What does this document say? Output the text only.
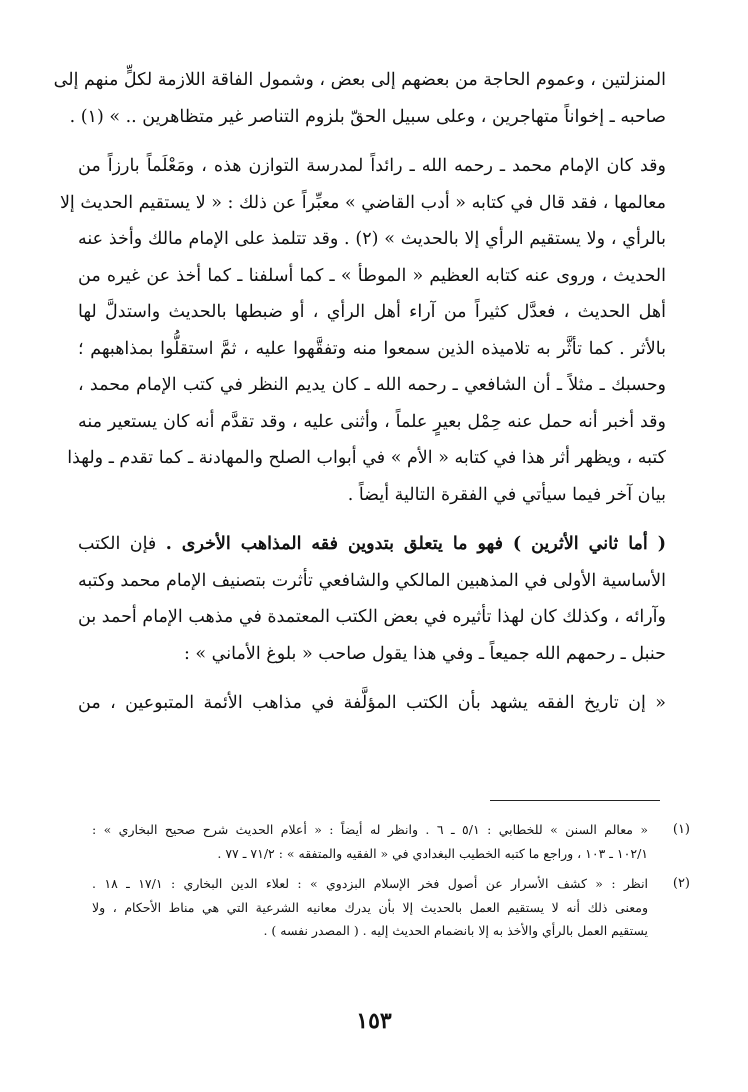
المنزلتين ، وعموم الحاجة من بعضهم إلى بعض ، وشمول الفاقة اللازمة لكلٍّ منهم إلى
صاحبه ـ إخواناً متهاجرين ، وعلى سبيل الحقّ بلزوم التناصر غير متظاهرين .. » (١) .
وقد كان الإمام محمد ـ رحمه الله ـ رائداً لمدرسة التوازن هذه ، ومَعْلَماً بارزاً من
معالمها ، فقد قال في كتابه « أدب القاضي » معبِّراً عن ذلك : « لا يستقيم الحديث إلا
بالرأي ، ولا يستقيم الرأي إلا بالحديث » (٢) . وقد تتلمذ على الإمام مالك وأخذ عنه
الحديث ، وروى عنه كتابه العظيم « الموطأ » ـ كما أسلفنا ـ كما أخذ عن غيره من
أهل الحديث ، فعدَّل كثيراً من آراء أهل الرأي ، أو ضبطها بالحديث واستدلَّ لها
بالأثر . كما تأثَّر به تلاميذه الذين سمعوا منه وتفقَّهوا عليه ، ثمَّ استقلُّوا بمذاهبهم ؛
وحسبك ـ مثلاً ـ أن الشافعي ـ رحمه الله ـ كان يديم النظر في كتب الإمام محمد ،
وقد أخبر أنه حمل عنه حِمْل بعيرٍ علماً ، وأثنى عليه ، وقد تقدَّم أنه كان يستعير منه
كتبه ، ويظهر أثر هذا في كتابه « الأم » في أبواب الصلح والمهادنة ـ كما تقدم ـ ولهذا
بيان آخر فيما سيأتي في الفقرة التالية أيضاً .
( أما ثاني الأثرين ) فهو ما يتعلق بتدوين فقه المذاهب الأخرى . فإن الكتب
الأساسية الأولى في المذهبين المالكي والشافعي تأثرت بتصنيف الإمام محمد وكتبه
وآرائه ، وكذلك كان لهذا تأثيره في بعض الكتب المعتمدة في مذهب الإمام أحمد بن
حنبل ـ رحمهم الله جميعاً ـ وفي هذا يقول صاحب « بلوغ الأماني » :
« إن تاريخ الفقه يشهد بأن الكتب المؤلَّفة في مذاهب الأئمة المتبوعين ، من
(١)
« معالم السنن » للخطابي : ٥/١ ـ ٦ . وانظر له أيضاً : « أعلام الحديث شرح صحيح البخاري » :
١٠٢/١ ـ ١٠٣ ، وراجع ما كتبه الخطيب البغدادي في « الفقيه والمتفقه » : ٧١/٢ ـ ٧٧ .
(٢)
انظر : « كشف الأسرار عن أصول فخر الإسلام البزدوي » : لعلاء الدين البخاري : ١٧/١ ـ ١٨ .
ومعنى ذلك أنه لا يستقيم العمل بالحديث إلا بأن يدرك معانيه الشرعية التي هي مناط الأحكام ، ولا
يستقيم العمل بالرأي والأخذ به إلا بانضمام الحديث إليه . ( المصدر نفسه ) .
١٥٣
